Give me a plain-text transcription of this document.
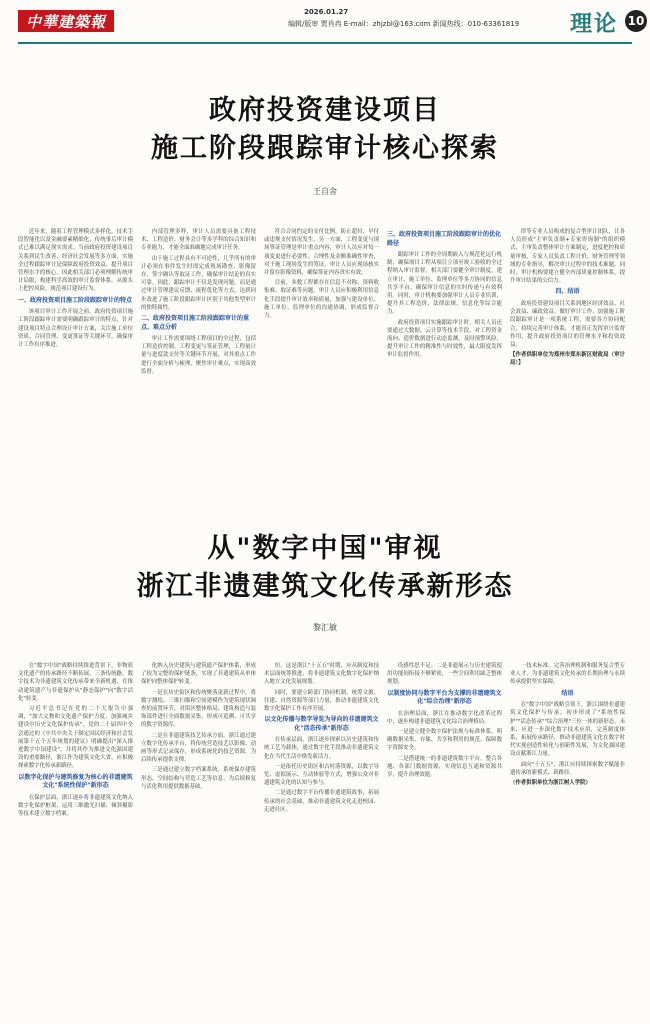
中華建築報
2026.01.27
编辑/版审 贾肖冉 E-mail：zhjzbl@163.com 新闻热线：010-63361819 理论 10
政府投资建设项目
施工阶段跟踪审计核心探索
王自舍

近年来，随着工程管理模式多样化，技术手段智能化以及金融要素精细化，传统事后审计模式已难以满足现实需求。当前政府投资建设项目关系到民生改善、经济社会发展等多方面，实施全过程跟踪审计是保障政府投资效益、提升项目管理水平的核心。因此相关部门必须理解传统审计局限，构建科学高效的审计监督体系，从源头上把控风险，规范项目建设行为。

一、政府投资项目施工阶段跟踪审计的特点

该项目审计工作开展之前，政府投资项目施工阶段跟踪审计需要明确跟踪审计的特点，针对建设项目特点合理设计审计方案，关注施工单位资质、合同管理、变更签证等关键环节，确保审计工作有序推进。

内部管理多样，审计人员需要具备工程技术、工程造价、财务会计等多学科的综合知识和专业能力，才能全面准确地完成审计任务。

由于施工过程具有不可逆性，几乎所有的审计必须在事件发生时即完成现场勘查、影像留存、签字确认等取证工作，确保审计结论的真实可靠。因此，跟踪审计不仅是发现问题，而是通过审计管理建议反馈、流程优化等方式，达到同步改进了施工阶段跟踪审计区别于其他类型审计的独特属性。

二、政府投资项目施工阶段跟踪审计的重点、难点分析

审计工作需要围绕工程项目的全过程，包括工程造价控制、工程变更与签证管理，工程量计量与进度款支付等关键环节开展，对其重点工作进行全面分析与梳理，聚焦审计难点，实现高效监督。

符合合同约定的支付比例，防止超付、早付或违规支付情况发生。另一方面，工程变更与现场签证管理是审计重点内容，审计人员应对每一项变更进行必要性、合理性及金额准确性审查，对于施工现场发生的签证，审计人员应现场核实并留存影像资料，确保签证内容真实有效。

目前，多数工程都存在信息不对称、资料收集难、取证难等问题，审计人员应积极利用信息化手段提升审计效率和质量，加强与建设单位、施工单位、监理单位的沟通协调，形成监督合力。

三、政府投资项目施工阶段跟踪审计的优化路径

跟踪审计工作的全周期嵌入与规范化运行机制，确保项目工程从项目立项至竣工验收的全过程纳入审计监督。相关部门要健全审计制度，建立审计、施工单位、监理单位等多方协同的信息共享平台，确保审计信息的实时传递与有效利用。同时，审计机构要加强审计人员专业培训，提升其工程造价、法律法规、信息化等综合能力。

政府投资项目实施跟踪审计时，相关人员还要通过大数据、云计算等技术手段，对工程资金流向、造价数据进行动态监测，及时预警风险，提升审计工作的精准性与时效性，最大限度发挥审计监督作用。

律等专业人员构成的复合型审计团队，让各人员形成"主审负责制+专家咨询制"的组织模式，主审负责整体审计方案制定，进度把控和质量审核，专家人员负责工程计价、财务管理等领域的专业指导，解决审计过程中的技术难题。同时，审计机构要建立健全内部质量控制体系，提升审计结果的公信力。

四、结语

政府投资建设项目关系到地区经济效益、社会效益、廉政效益。做好审计工作，加强施工阶段跟踪审计是一项系统工程，需要各方协同配合，持续完善审计体系，才能真正发挥审计监督作用，提升政府投资项目的管理水平和投资效益。

【作者供职单位为郑州市郑东新区财政局（审计局）】

从"数字中国"审视
浙江非遗建筑文化传承新形态
黎汇敏

在"数字中国"战略持续推进背景下，非物质文化遗产的传承路径不断拓展。三条传统路，数字技术为非遗建筑文化传承带来全新机遇，在推动建筑遗产与非遗保护从"静态保护"向"数字活化"转变。

习近平总书记在党的二十大报告中强调，"加大文物和文化遗产保护力度，加强城乡建设中历史文化保护传承"。党的二十届四中全会通过的《中共中央关于制定国民经济和社会发展第十五个五年规划的建议》明确提出"深入推进数字中国建设"，并将其作为推进文化强国建设的重要路径，浙江作为建筑文化大省，应积极探索数字化传承新路径。

以数字化保护与建筑修复为核心的非遗建筑文化"系统性保护"新形态

在保护层面，浙江逐步将非遗建筑文化纳入数字化保护框架，运用三维激光扫描、倾斜摄影等技术建立数字档案。

化纳入历史建筑与建筑遗产保护体系，形成了较为完整的保护链条，实现了非遗建筑从单体保护向整体保护转变。

一是在历史街区和传统聚落更新过程中，将数字测绘、三维扫描和空间建模作为建筑现状调查的前置环节，对街区整体格局、建筑构造与装饰部件进行全面数据采集，形成可追溯、可共享的数字资源库。

二是在非遗建筑技艺传承方面，浙江通过建立数字化传承平台，将传统营造技艺以影像、动画等形式记录保存，形成系统化的技艺资源，为后续传承提供支撑。

三是通过建立数字档案系统，系统保存建筑形态、空间结构与营造工艺等信息，为后续修复与活化利用提供数据基础。

恒。这是浙江"十五五"时期，应从制度和技术层面统筹推进，将非遗建筑文化数字化保护纳入地方文化发展规划。

同时，要建立跨部门协同机制，统筹文旅、住建、自然资源等部门力量，推动非遗建筑文化数字化保护工作有序开展。

以文化传播与数字导览为导向的非遗建筑文化"活态传承"新形态

在传承层面，浙江逐步探索以历史建筑和传统工艺为载体，通过数字化手段推动非遗建筑文化在当代生活中焕发新活力。

一是依托历史街区和古村落资源，以数字导览、虚拟展示、互动体验等方式，增强公众对非遗建筑文化的认知与参与。

二是通过数字平台传播非遗建筑故事，拓展传承的社会基础，推动非遗建筑文化走进校园、走进社区。

设感性思不足。二是非遗展示与历史建筑使用功能间衔接不够紧密，一些空间利用缺乏整体规划。

以制度协同与数字平台为支撑的非遗建筑文化"综合治理"新形态

在治理层面，浙江在推动数字化改革过程中，逐步构建非遗建筑文化综合治理格局。

一是建立健全数字保护法规与标准体系，明确数据采集、存储、共享和利用的规范，保障数字资源安全。

二是搭建统一的非遗建筑数字平台，整合各地、各部门数据资源，实现信息互通和资源共享，提升治理效能。

一技术标准。完善治理机制和服务复合型专业人才，为非遗建筑文化传承的长期治理与永续传承提供坚实保障。

结语

在"数字中国"战略引领下，浙江围绕非遗建筑文化保护与传承，初步形成了"系统性保护""活态传承""综合治理"三位一体的新形态。未来，应进一步深化数字技术应用，完善制度体系，拓展传承路径，推动非遗建筑文化在数字时代实现创造性转化与创新性发展，为文化强国建设贡献浙江力量。

面向"十五五"，浙江应持续探索数字赋能非遗传承的新模式、新路径。

（作者供职单位为浙江树人学院）
